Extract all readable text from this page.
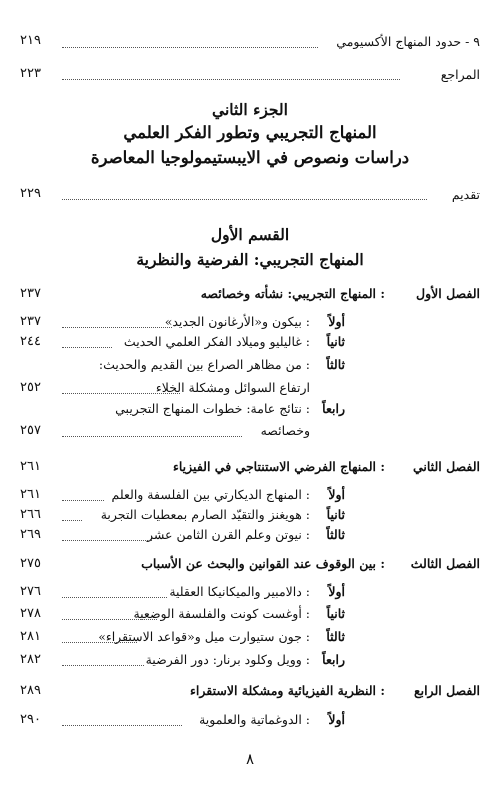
٩ - حدود المنهاج الأكسيومي
٢١٩
المراجع
٢٢٣
الجزء الثاني
المنهاج التجريبي وتطور الفكر العلمي
دراسات ونصوص في الايبستيمولوجيا المعاصرة
تقديم
٢٢٩
القسم الأول
المنهاج التجريبي: الفرضية والنظرية
الفصل الأول
: المنهاج التجريبي: نشأته وخصائصه
٢٣٧
أولاً
: بيكون و«الأرغانون الجديد»
٢٣٧
ثانياً
: غاليليو وميلاد الفكر العلمي الحديث
٢٤٤
ثالثاً
: من مظاهر الصراع بين القديم والحديث:
ارتفاع السوائل ومشكلة الخلاء
٢٥٢
رابعاً
: نتائج عامة: خطوات المنهاج التجريبي
وخصائصه
٢٥٧
الفصل الثاني
: المنهاج الفرضي الاستنتاجي في الفيزياء
٢٦١
أولاً
: المنهاج الديكارتي بين الفلسفة والعلم
٢٦١
ثانياً
: هويغنز والتقيّد الصارم بمعطيات التجربة
٢٦٦
ثالثاً
: نيوتن وعلم القرن الثامن عشر
٢٦٩
الفصل الثالث
: بين الوقوف عند القوانين والبحث عن الأسباب
٢٧٥
أولاً
: دالامبير والميكانيكا العقلية
٢٧٦
ثانياً
: أوغست كونت والفلسفة الوضعية
٢٧٨
ثالثاً
: جون ستيوارت ميل و«قواعد الاستقراء»
٢٨١
رابعاً
: وويل وكلود برنار: دور الفرضية
٢٨٢
الفصل الرابع
: النظرية الفيزيائية ومشكلة الاستقراء
٢٨٩
أولاً
: الدوغماتية والعلموية
٢٩٠
٨
